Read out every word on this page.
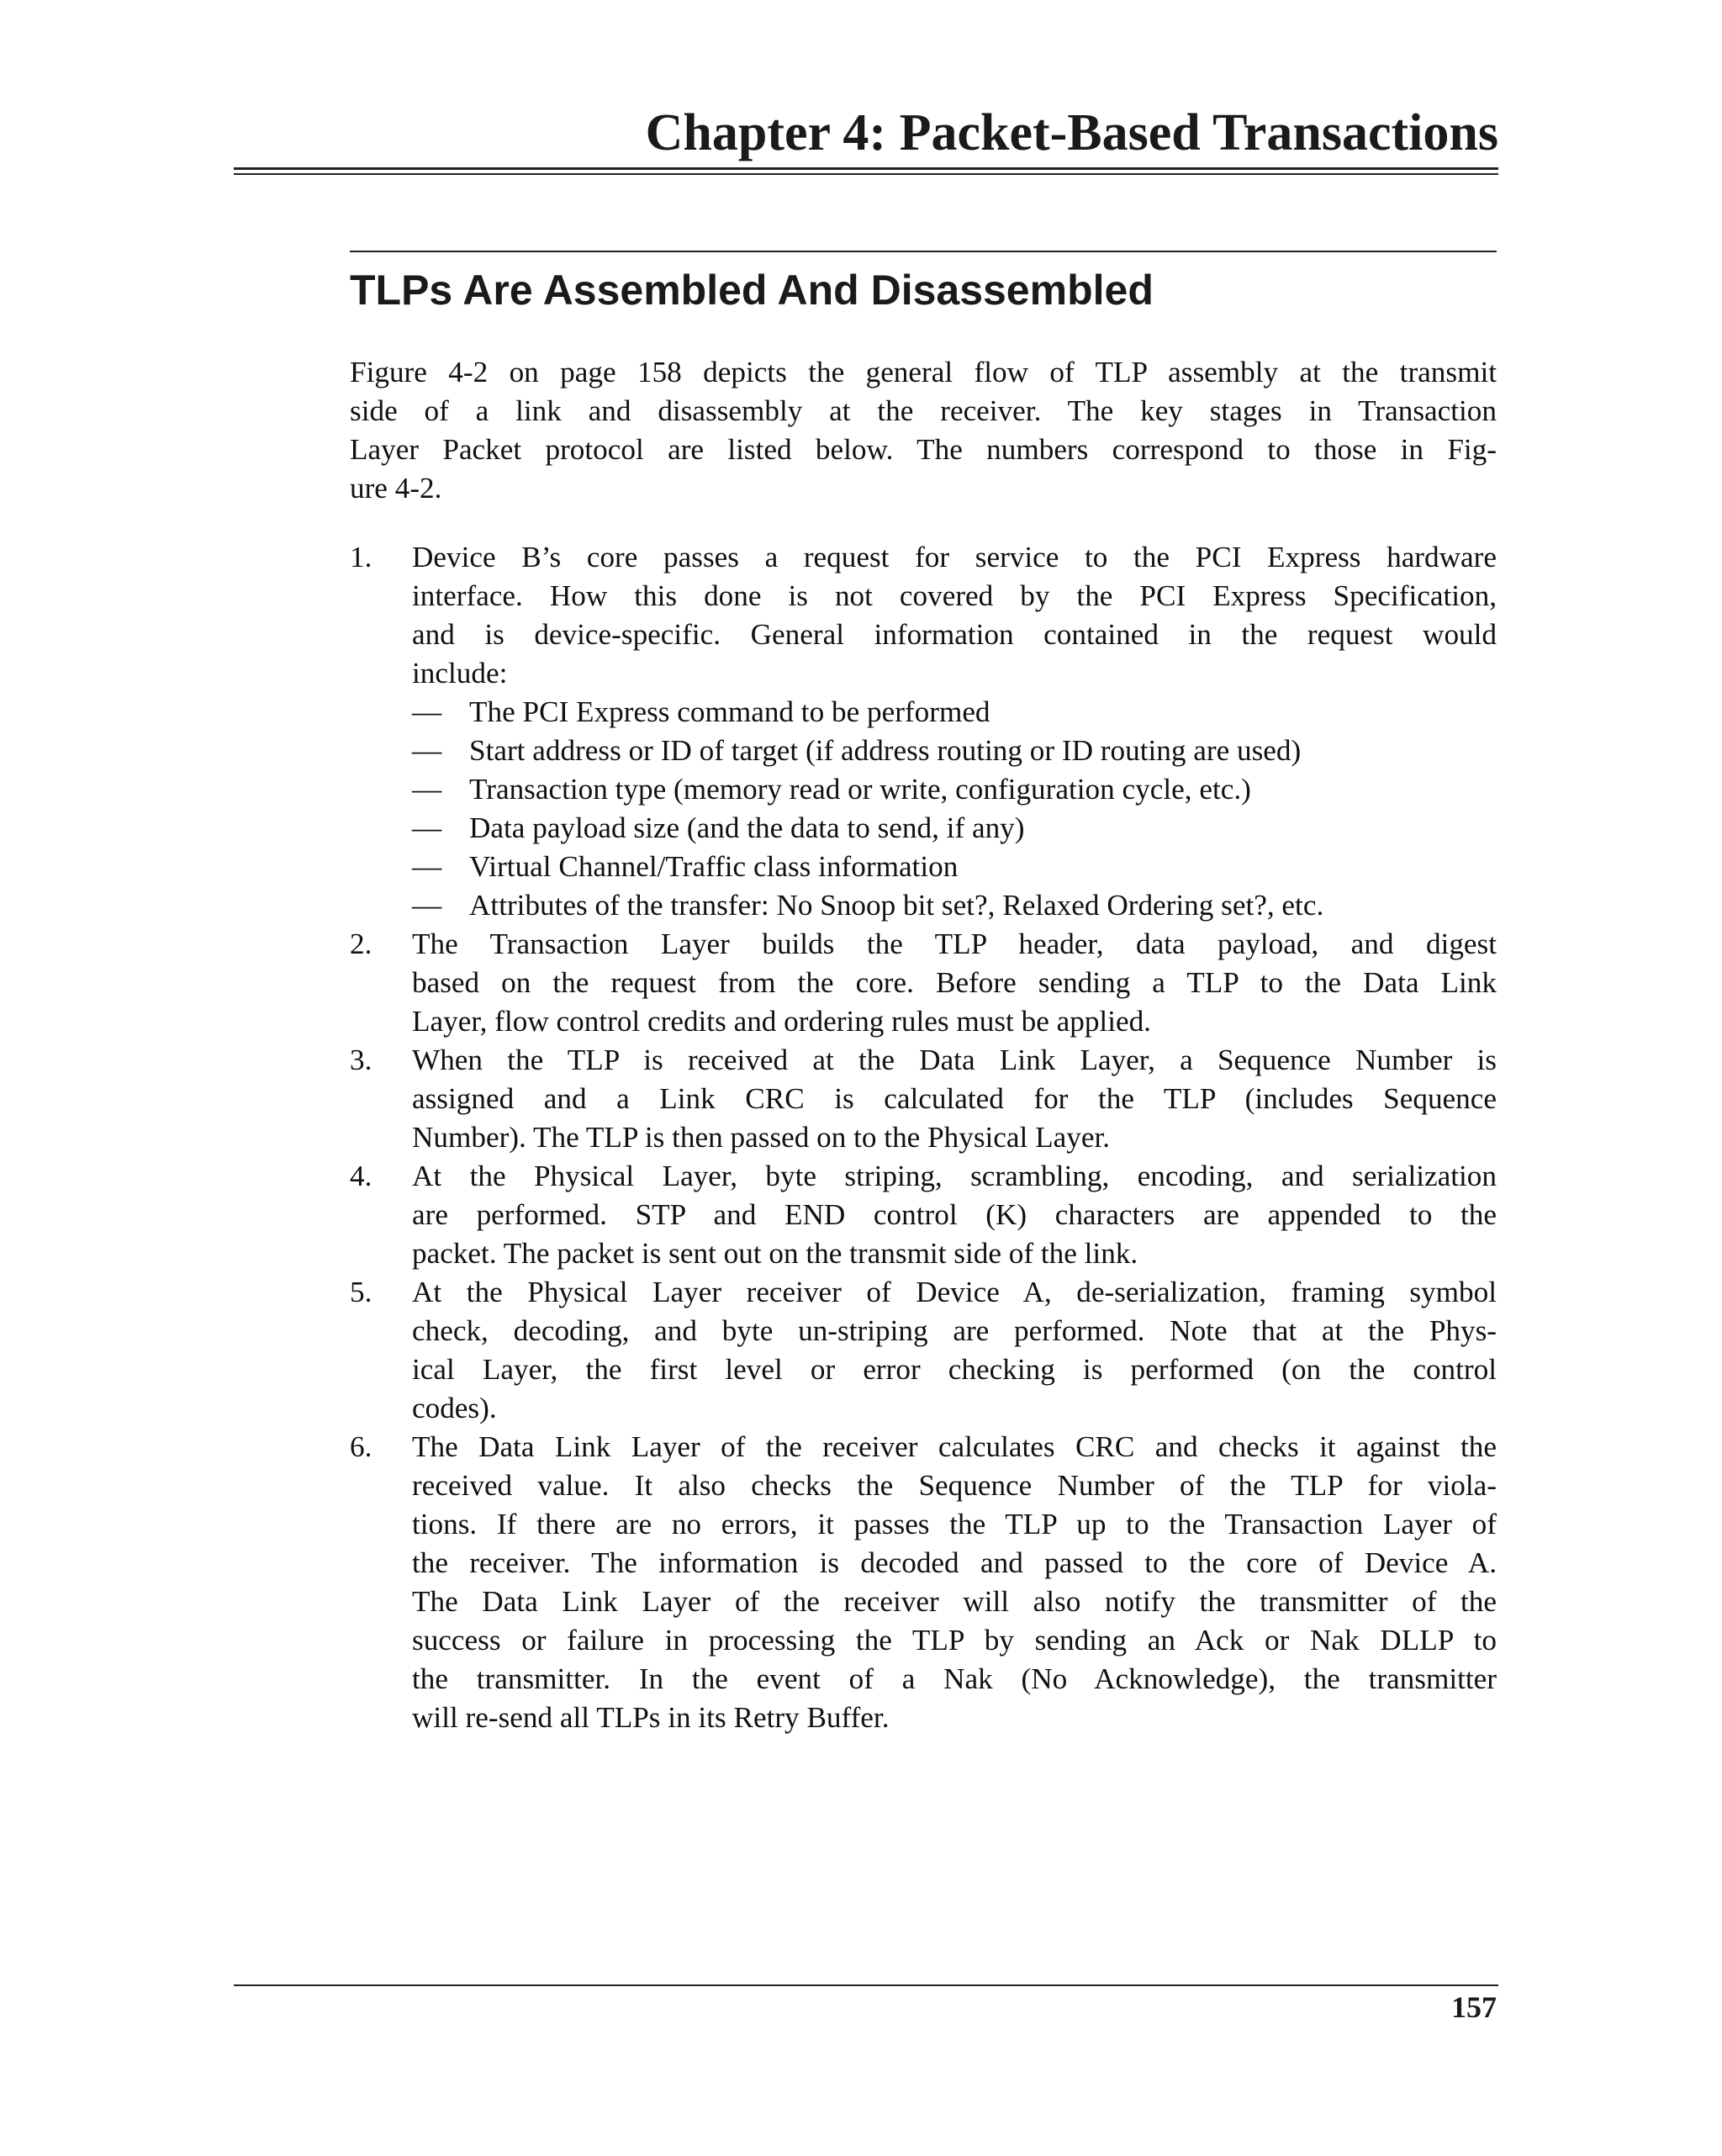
Chapter 4: Packet-Based Transactions
TLPs Are Assembled And Disassembled
Figure 4-2 on page 158 depicts the general flow of TLP assembly at the transmit
side of a link and disassembly at the receiver. The key stages in Transaction
Layer Packet protocol are listed below. The numbers correspond to those in Fig-
ure 4-2.
1.	Device B’s core passes a request for service to the PCI Express hardware
interface. How this done is not covered by the PCI Express Specification,
and is device-specific. General information contained in the request would
include:
— The PCI Express command to be performed
— Start address or ID of target (if address routing or ID routing are used)
— Transaction type (memory read or write, configuration cycle, etc.)
— Data payload size (and the data to send, if any)
— Virtual Channel/Traffic class information
— Attributes of the transfer: No Snoop bit set?, Relaxed Ordering set?, etc.
2.	The Transaction Layer builds the TLP header, data payload, and digest
based on the request from the core. Before sending a TLP to the Data Link
Layer, flow control credits and ordering rules must be applied.
3.	When the TLP is received at the Data Link Layer, a Sequence Number is
assigned and a Link CRC is calculated for the TLP (includes Sequence
Number). The TLP is then passed on to the Physical Layer.
4.	At the Physical Layer, byte striping, scrambling, encoding, and serialization
are performed. STP and END control (K) characters are appended to the
packet. The packet is sent out on the transmit side of the link.
5.	At the Physical Layer receiver of Device A, de-serialization, framing symbol
check, decoding, and byte un-striping are performed. Note that at the Phys-
ical Layer, the first level or error checking is performed (on the control
codes).
6.	The Data Link Layer of the receiver calculates CRC and checks it against the
received value. It also checks the Sequence Number of the TLP for viola-
tions. If there are no errors, it passes the TLP up to the Transaction Layer of
the receiver. The information is decoded and passed to the core of Device A.
The Data Link Layer of the receiver will also notify the transmitter of the
success or failure in processing the TLP by sending an Ack or Nak DLLP to
the transmitter. In the event of a Nak (No Acknowledge), the transmitter
will re-send all TLPs in its Retry Buffer.
157
